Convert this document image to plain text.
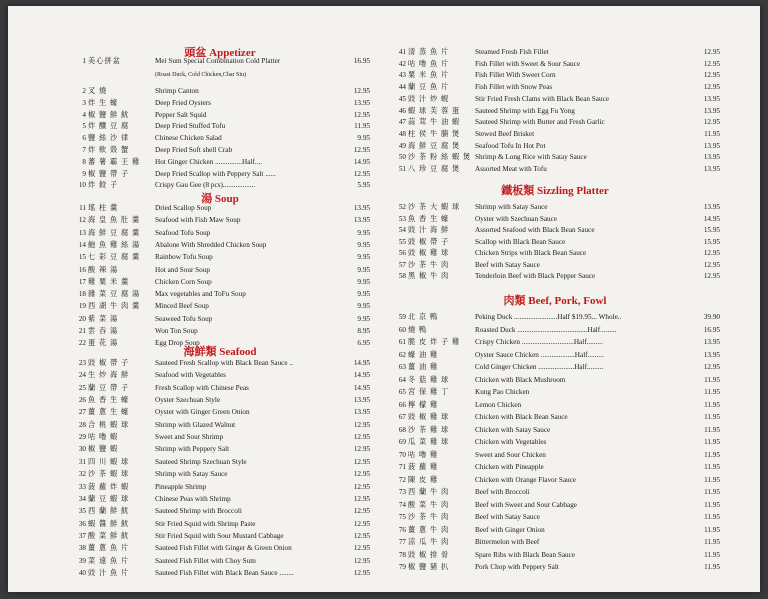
頭盆 Appetizer
湯 Soup
海鮮類 Seafood
(Roast Duck, Cold Chicken,Char Siu)
1 美心拼盆	Mei Sum Special Combination Cold Platter	16.95
2 叉 燒	Shrimp Canton	12.95
3 炸 生 蠔	Deep Fried Oysters	13.95
4 椒 鹽 鮮 魷	Pepper Salt Squid	12.95
5 炸 釀 豆 腐	Deep Fried Stuffed Tofu	11.95
6 鹽 絲 沙 律	Chinese Chicken Salad	9.95
7 炸 軟 殼 蟹	Deep Fried Soft shell Crab	12.95
8 蕃 薯 霸 王 雞	Hot Ginger Chicken ...............Half....	14.95
9 椒 鹽 帶 子	Deep Fried Scallop with Peppery Salt ......	12.95
10 炸 餃 子	Crispy Gau Gee (8 pcs)..................	5.95
11 瑤 柱 羹	Dried Scallop Soup	13.95
12 海 皇 魚 肚 羹	Seafood with Fish Maw Soup	13.95
13 海 鮮 豆 腐 羹	Seafood Tofu Soup	9.95
14 鮑 魚 雞 絲 湯	Abalone With Shredded Chicken Soup	9.95
15 七 彩 豆 腐 羹	Rainbow Tofu Soup	9.95
16 酸 辣 湯	Hot and Sour Soup	9.95
17 雞 粟 米 羹	Chicken Corn Soup	9.95
18 雜 菜 豆 腐 湯	Max vegetables and ToFu Soup	9.95
19 西 湖 牛 肉 羹	Minced Beef Soup	9.95
20 紫 菜 湯	Seaweed Tofu Soup	9.95
21 雲 吞 湯	Won Ton Soup	8.95
22 蛋 花 湯	Egg Drop Soup	6.95
23 豉 椒 帶 子	Sauteed Fresh Scallop with Black Bean Sauce ..	14.95
24 生 炒 海 鮮	Seafood with Vegetables	14.95
25 蘭 豆 帶 子	Fresh Scallop with Chinese Peas	14.95
26 魚 香 生 蠔	Oyster Szechuan Style	13.95
27 薑 蔥 生 蠔	Oyster with Ginger Green Onion	13.95
28 合 桃 蝦 球	Shrimp with Glazed Walnut	12.95
29 咕 嚕 蝦	Sweet and Sour Shrimp	12.95
30 椒 鹽 蝦	Shrimp with Peppery Salt	12.95
31 四 川 蝦 球	Sauteed Shrimp Szechuan Style	12.95
32 沙 茶 蝦 球	Shrimp with Satay Sauce	12.95
33 菠 蘿 炸 蝦	Pineapple Shrimp	12.95
34 蘭 豆 蝦 球	Chinese Peas with Shrimp	12.95
35 西 蘭 鮮 魷	Sauteed Shrimp with Broccoli	12.95
36 蝦 醬 鮮 魷	Stir Fried Squid with Shrimp Paste	12.95
37 酸 菜 鮮 魷	Stir Fried Squid with Sour Mustard Cabbage	12.95
38 薑 蔥 魚 片	Sauteed Fish Fillet with Ginger & Green Onion	12.95
39 菜 遠 魚 片	Sauteed Fish Fillet with Choy Sum	12.95
40 豉 汁 魚 片	Sauteed Fish Fillet with Black Bean Sauce ........	12.95
鐵板類 Sizzling Platter
肉類 Beef, Pork, Fowl
41 清 蒸 魚 片	Steamed Fresh Fish Fillet	12.95
42 咕 嚕 魚 片	Fish Fillet with Sweet & Sour Sauce	12.95
43 粟 米 魚 片	Fish Fillet With Sweet Corn	12.95
44 蘭 豆 魚 片	Fish Fillet with Snow Peas	12.95
45 豉 汁 炒 蜆	Stir Fried Fresh Clams with Black Bean Sauce	13.95
46 蝦 球 芙 蓉 蛋	Sauteed Shrimp with Egg Fu Yong	13.95
47 蒜 茸 牛 油 蝦	Sauteed Shrimp with Butter and Fresh Garlic	12.95
48 柱 侯 牛 腩 煲	Stewed Beef Brisket	11.95
49 海 鮮 豆 腐 煲	Seafood Tofu In Hot Pot	13.95
50 沙 茶 粉 絲 蝦 煲 Shrimp & Long Rice with Satay Sauce	13.95
51 八 珍 豆 腐 煲	Assorted Meat with Tofu	13.95
52 沙 茶 大 蝦 球	Shrimp with Satay Sauce	13.95
53 魚 香 生 蠔	Oyster with Szechuan Sauce	14.95
54 豉 汁 海 鮮	Assorted Seafood with Black Bean Sauce	15.95
55 豉 椒 帶 子	Scallop with Black Bean Sauce	15.95
56 豉 椒 雞 球	Chicken Strips with Black Bean Sauce	12.95
57 沙 茶 牛 肉	Beef with Satay Sauce	12.95
58 黑 椒 牛 肉	Tenderloin Beef with Black Pepper Sauce	12.95
59 北 京 鴨	Peking Duck ........................Half $19.95... Whole..	39.90
60 燒 鴨	Roasted Duck .......................................Half.........	16.95
61 脆 皮 炸 子 雞	Crispy Chicken .............................Half.........	13.95
62 蠔 油 雞	Oyster Sauce Chicken ...................Half.........	13.95
63 薑 油 雞	Cold Ginger Chicken ....................Half.........	12.95
64 冬 菇 雞 球	Chicken with Black Mushroom	11.95
65 宮 保 雞 丁	Kung Pao Chicken	11.95
66 檸 檬 雞	Lemon Chicken	11.95
67 豉 椒 雞 球	Chicken with Black Bean Sauce	11.95
68 沙 茶 雞 球	Chicken with Satay Sauce	11.95
69 瓜 菜 雞 球	Chicken with Vegetables	11.95
70 咕 嚕 雞	Sweet and Sour Chicken	11.95
71 菠 蘿 雞	Chicken with Pineapple	11.95
72 陳 皮 雞	Chicken with Orange Flavor Sauce	11.95
73 西 蘭 牛 肉	Beef with Broccoli	11.95
74 酸 菜 牛 肉	Beef with Sweet and Sour Cabbage	11.95
75 沙 茶 牛 肉	Beef with Satay Sauce	11.95
76 薑 蔥 牛 肉	Beef with Ginger Onion	11.95
77 涼 瓜 牛 肉	Bittermelon with Beef	11.95
78 豉 椒 排 骨	Spare Ribs with Black Bean Sauce	11.95
79 椒 鹽 豬 扒	Pork Chop with Peppery Salt	11.95
